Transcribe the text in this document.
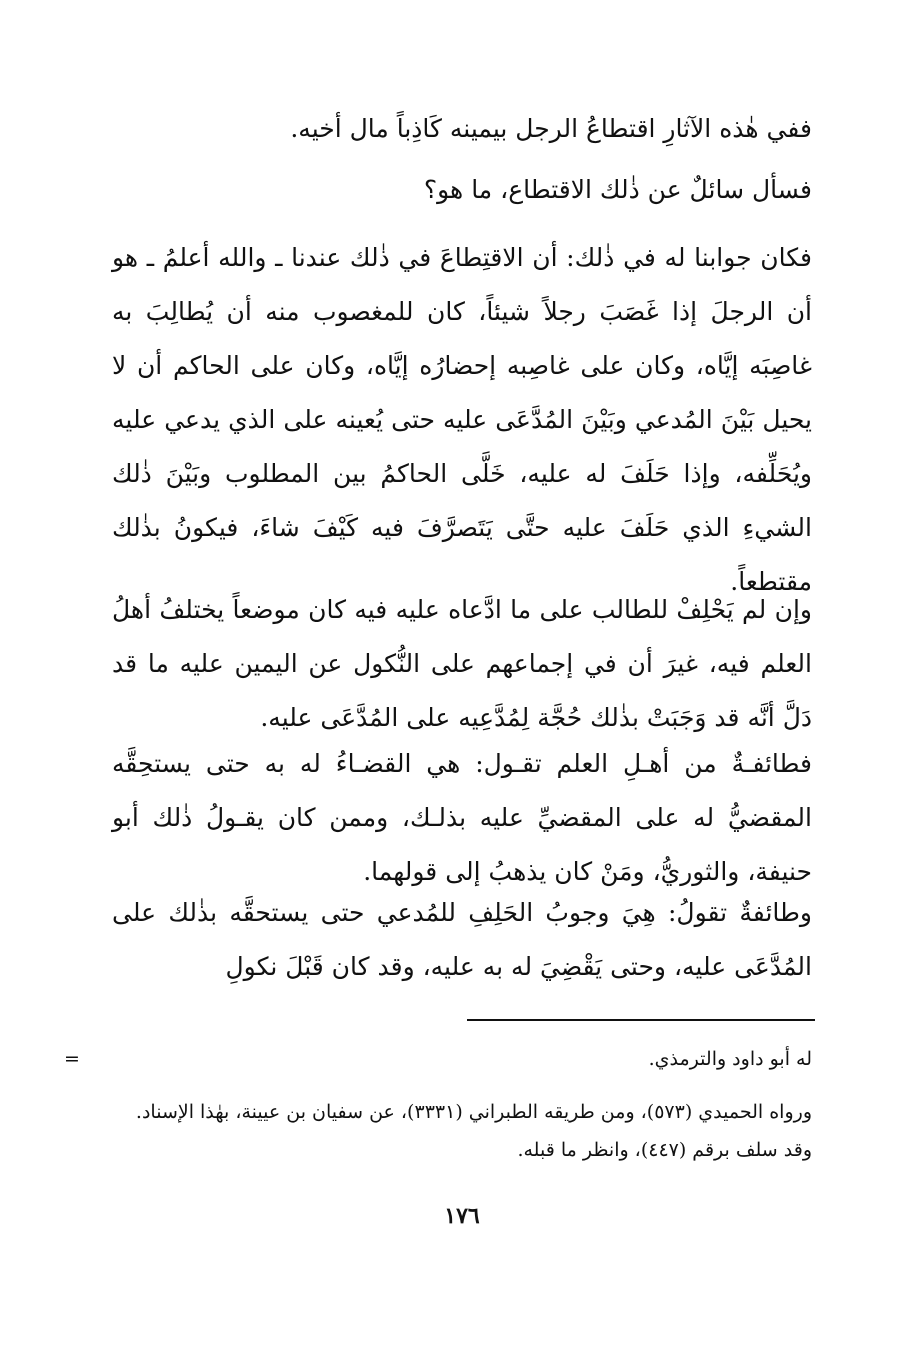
ففي هٰذه الآثارِ اقتطاعُ الرجل بيمينه كَاذِباً مال أخيه.

فسأل سائلٌ عن ذٰلك الاقتطاع، ما هو؟

فكان جوابنا له في ذٰلك: أن الاقتِطاعَ في ذٰلك عندنا ـ والله أعلمُ ـ هو أن الرجلَ إذا غَصَبَ رجلاً شيئاً، كان للمغصوب منه أن يُطالِبَ به غاصِبَه إيَّاه، وكان على غاصِبه إحضارُه إيَّاه، وكان على الحاكم أن لا يحيل بَيْنَ المُدعي وبَيْنَ المُدَّعَى عليه حتى يُعينه على الذي يدعي عليه ويُحَلِّفه، وإذا حَلَفَ له عليه، خَلَّى الحاكمُ بين المطلوب وبَيْنَ ذٰلك الشيءِ الذي حَلَفَ عليه حتَّى يَتَصرَّفَ فيه كَيْفَ شاءَ، فيكونُ بذٰلك مقتطعاً.

وإن لم يَحْلِفْ للطالب على ما ادَّعاه عليه فيه كان موضعاً يختلفُ أهلُ العلم فيه، غيرَ أن في إجماعهم على النُّكول عن اليمين عليه ما قد دَلَّ أنَّه قد وَجَبَتْ بذٰلك حُجَّة لِمُدَّعِيه على المُدَّعَى عليه.

فطائفـةٌ من أهـلِ العلم تقـول: هي القضـاءُ له به حتى يستحِقَّه المقضيُّ له على المقضيِّ عليه بذلـك، وممن كان يقـولُ ذٰلك أبو حنيفة، والثوريُّ، ومَنْ كان يذهبُ إلى قولهما.

وطائفةٌ تقولُ: هِيَ وجوبُ الحَلِفِ للمُدعي حتى يستحقَّه بذٰلك على المُدَّعَى عليه، وحتى يَقْضِيَ له به عليه، وقد كان قَبْلَ نكولِ

له أبو داود والترمذي.

=

ورواه الحميدي (٥٧٣)، ومن طريقه الطبراني (٣٣٣١)، عن سفيان بن عيينة، بهٰذا الإسناد. وقد سلف برقم (٤٤٧)، وانظر ما قبله.

١٧٦
